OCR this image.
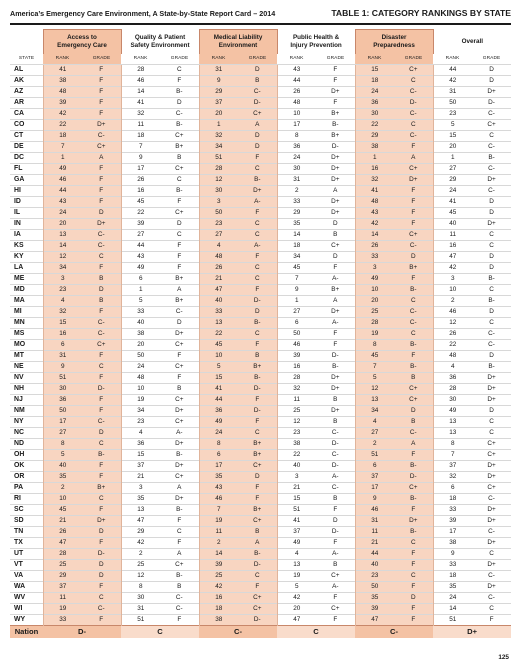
America’s Emergency Care Environment, A State-by-State Report Card – 2014	TABLE 1: CATEGORY RANKINGS BY STATE
	Access to
Emergency Care		Quality & Patient
Safety Environment		Medical Liability
Environment		Public Health &
Injury Prevention		Disaster
Preparedness		Overall	
STATE	RANK	GRADE	RANK	GRADE	RANK	GRADE	RANK	GRADE	RANK	GRADE	RANK	GRADE
AL	41	F	28	C	31	D	43	F	15	C+	44	D
AK	38	F	46	F	9	B	44	F	18	C	42	D
AZ	48	F	14	B-	29	C-	26	D+	24	C-	31	D+
AR	39	F	41	D	37	D-	48	F	36	D-	50	D-
CA	42	F	32	C-	20	C+	10	B+	30	C-	23	C-
CO	22	D+	11	B-	1	A	17	B-	22	C	5	C+
CT	18	C-	18	C+	32	D	8	B+	29	C-	15	C
DE	7	C+	7	B+	34	D	36	D-	38	F	20	C-
DC	1	A	9	B	51	F	24	D+	1	A	1	B-
FL	49	F	17	C+	28	C	30	D+	16	C+	27	C-
GA	46	F	26	C	12	B-	31	D+	32	D+	29	D+
HI	44	F	16	B-	30	D+	2	A	41	F	24	C-
ID	43	F	45	F	3	A-	33	D+	48	F	41	D
IL	24	D	22	C+	50	F	29	D+	43	F	45	D
IN	20	D+	39	D	23	C	35	D	42	F	40	D+
IA	13	C-	27	C	27	C	14	B	14	C+	11	C
KS	14	C-	44	F	4	A-	18	C+	26	C-	16	C
KY	12	C	43	F	48	F	34	D	33	D	47	D
LA	34	F	49	F	26	C	45	F	3	B+	42	D
ME	3	B	6	B+	21	C	7	A-	49	F	3	B-
MD	23	D	1	A	47	F	9	B+	10	B-	10	C
MA	4	B	5	B+	40	D-	1	A	20	C	2	B-
MI	32	F	33	C-	33	D	27	D+	25	C-	46	D
MN	15	C-	40	D	13	B-	6	A-	28	C-	12	C
MS	16	C-	38	D+	22	C	50	F	19	C	26	C-
MO	6	C+	20	C+	45	F	46	F	8	B-	22	C-
MT	31	F	50	F	10	B	39	D-	45	F	48	D
NE	9	C	24	C+	5	B+	16	B-	7	B-	4	B-
NV	51	F	48	F	15	B-	28	D+	5	B	36	D+
NH	30	D-	10	B	41	D-	32	D+	12	C+	28	D+
NJ	36	F	19	C+	44	F	11	B	13	C+	30	D+
NM	50	F	34	D+	36	D-	25	D+	34	D	49	D
NY	17	C-	23	C+	49	F	12	B	4	B	13	C
NC	27	D	4	A-	24	C	23	C-	27	C-	13	C
ND	8	C	36	D+	8	B+	38	D-	2	A	8	C+
OH	5	B-	15	B-	6	B+	22	C-	51	F	7	C+
OK	40	F	37	D+	17	C+	40	D-	6	B-	37	D+
OR	35	F	21	C+	35	D	3	A-	37	D-	32	D+
PA	2	B+	3	A	43	F	21	C-	17	C+	6	C+
RI	10	C	35	D+	46	F	15	B	9	B-	18	C-
SC	45	F	13	B-	7	B+	51	F	46	F	33	D+
SD	21	D+	47	F	19	C+	41	D	31	D+	39	D+
TN	26	D	29	C	11	B	37	D-	11	B-	17	C-
TX	47	F	42	F	2	A	49	F	21	C	38	D+
UT	28	D-	2	A	14	B-	4	A-	44	F	9	C
VT	25	D	25	C+	39	D-	13	B	40	F	33	D+
VA	29	D	12	B-	25	C	19	C+	23	C	18	C-
WA	37	F	8	B	42	F	5	A-	50	F	35	D+
WV	11	C	30	C-	16	C+	42	F	35	D	24	C-
WI	19	C-	31	C-	18	C+	20	C+	39	F	14	C
WY	33	F	51	F	38	D-	47	F	47	F	51	F
Nation	D-		C		C-		C		C-		D+	
125
